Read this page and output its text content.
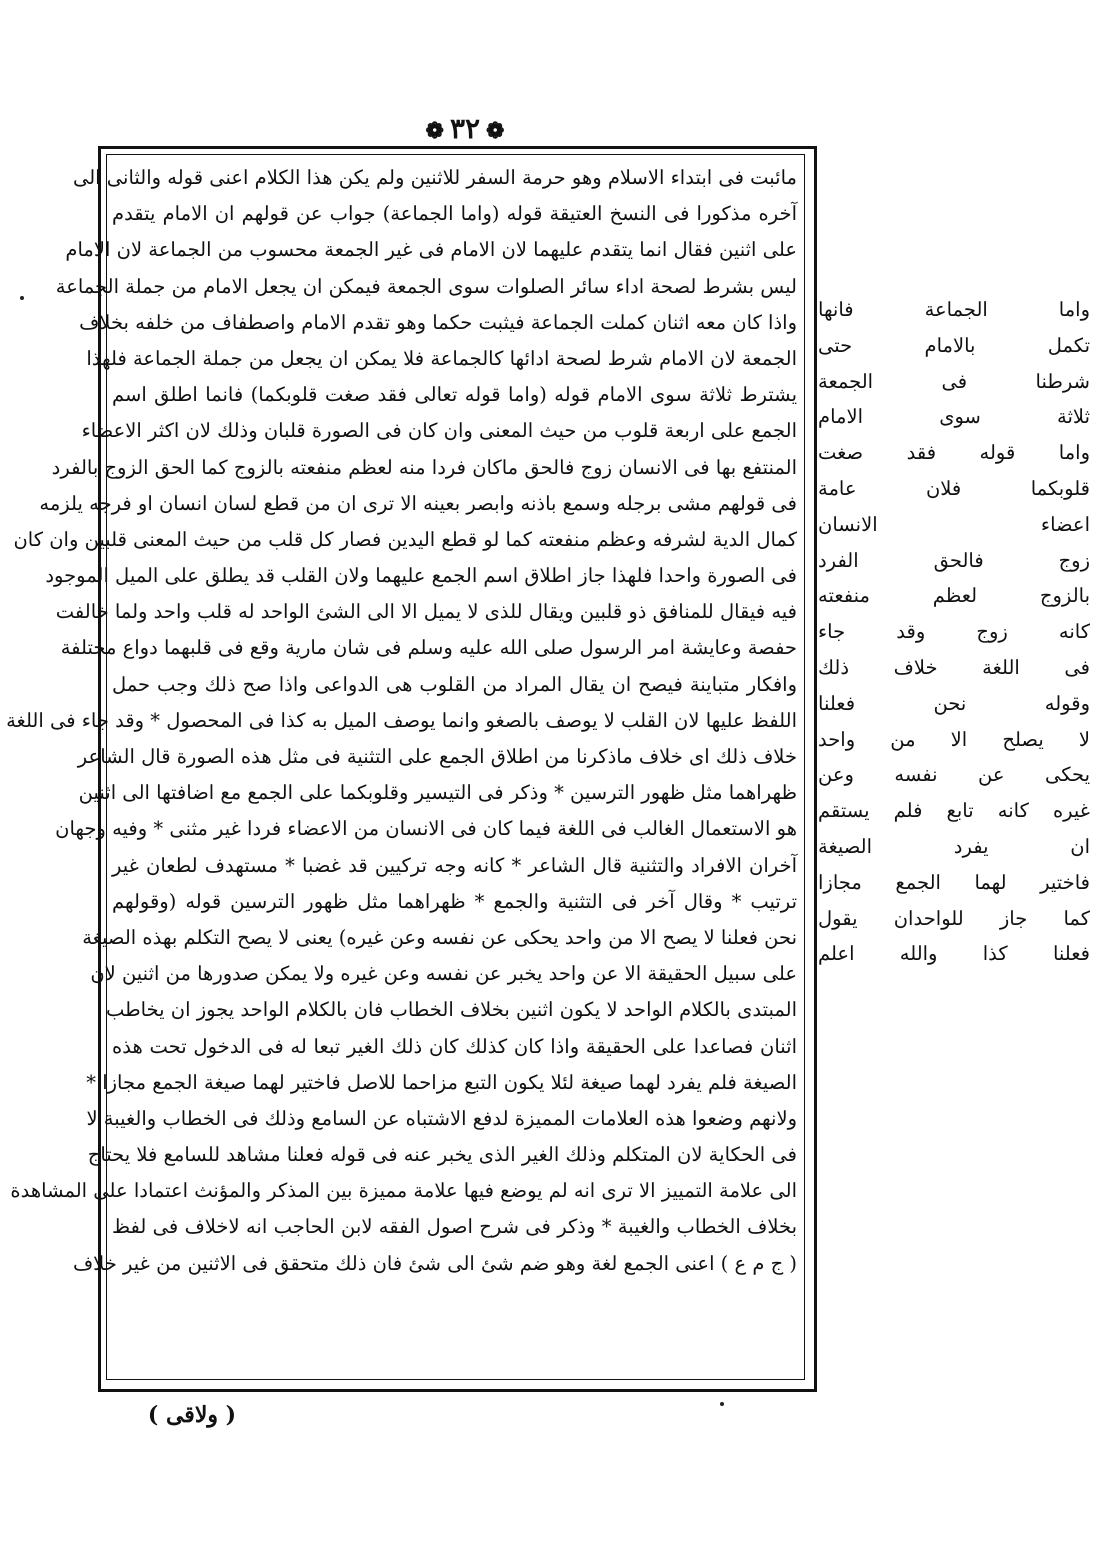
❁ ٣٢ ❁
مائبت فى ابتداء الاسلام وهو حرمة السفر للاثنين ولم يكن هذا الكلام اعنى قوله والثانى الى
آخره مذكورا فى النسخ العتيقة قوله (واما الجماعة) جواب عن قولهم ان الامام يتقدم
على اثنين فقال انما يتقدم عليهما لان الامام فى غير الجمعة محسوب من الجماعة لان الامام
ليس بشرط لصحة اداء سائر الصلوات سوى الجمعة فيمكن ان يجعل الامام من جملة الجماعة
واذا كان معه اثنان كملت الجماعة فيثبت حكما وهو تقدم الامام واصطفاف من خلفه بخلاف
الجمعة لان الامام شرط لصحة ادائها كالجماعة فلا يمكن ان يجعل من جملة الجماعة فلهذا
يشترط ثلاثة سوى الامام قوله (واما قوله تعالى فقد صغت قلوبكما) فانما اطلق اسم
الجمع على اربعة قلوب من حيث المعنى وان كان فى الصورة قلبان وذلك لان اكثر الاعضاء
المنتفع بها فى الانسان زوج فالحق ماكان فردا منه لعظم منفعته بالزوج كما الحق الزوج بالفرد
فى قولهم مشى برجله وسمع باذنه وابصر بعينه الا ترى ان من قطع لسان انسان او فرجه يلزمه
كمال الدية لشرفه وعظم منفعته كما لو قطع اليدين فصار كل قلب من حيث المعنى قلبين وان كان
فى الصورة واحدا فلهذا جاز اطلاق اسم الجمع عليهما ولان القلب قد يطلق على الميل الموجود
فيه فيقال للمنافق ذو قلبين ويقال للذى لا يميل الا الى الشئ الواحد له قلب واحد ولما خالفت
حفصة وعايشة امر الرسول صلى الله عليه وسلم فى شان مارية وقع فى قلبهما دواع مختلفة
وافكار متباينة فيصح ان يقال المراد من القلوب هى الدواعى واذا صح ذلك وجب حمل
اللفظ عليها لان القلب لا يوصف بالصغو وانما يوصف الميل به كذا فى المحصول * وقد جاء فى اللغة
خلاف ذلك اى خلاف ماذكرنا من اطلاق الجمع على التثنية فى مثل هذه الصورة قال الشاعر
ظهراهما مثل ظهور الترسين * وذكر فى التيسير وقلوبكما على الجمع مع اضافتها الى اثنين
هو الاستعمال الغالب فى اللغة فيما كان فى الانسان من الاعضاء فردا غير مثنى * وفيه وجهان
آخران الافراد والتثنية قال الشاعر * كانه وجه تركيين قد غضبا * مستهدف لطعان غير
ترتيب * وقال آخر فى التثنية والجمع * ظهراهما مثل ظهور الترسين قوله (وقولهم
نحن فعلنا لا يصح الا من واحد يحكى عن نفسه وعن غيره) يعنى لا يصح التكلم بهذه الصيغة
على سبيل الحقيقة الا عن واحد يخبر عن نفسه وعن غيره ولا يمكن صدورها من اثنين لان
المبتدى بالكلام الواحد لا يكون اثنين بخلاف الخطاب فان بالكلام الواحد يجوز ان يخاطب
اثنان فصاعدا على الحقيقة واذا كان كذلك كان ذلك الغير تبعا له فى الدخول تحت هذه
الصيغة فلم يفرد لهما صيغة لئلا يكون التبع مزاحما للاصل فاختير لهما صيغة الجمع مجازا *
ولانهم وضعوا هذه العلامات المميزة لدفع الاشتباه عن السامع وذلك فى الخطاب والغيبة لا
فى الحكاية لان المتكلم وذلك الغير الذى يخبر عنه فى قوله فعلنا مشاهد للسامع فلا يحتاج
الى علامة التمييز الا ترى انه لم يوضع فيها علامة مميزة بين المذكر والمؤنث اعتمادا على المشاهدة
بخلاف الخطاب والغيبة * وذكر فى شرح اصول الفقه لابن الحاجب انه لاخلاف فى لفظ
( ج م ع ) اعنى الجمع لغة وهو ضم شئ الى شئ فان ذلك متحقق فى الاثنين من غير خلاف
واما الجماعة فانها
تكمل بالامام حتى
شرطنا فى الجمعة
ثلاثة سوى الامام
واما قوله فقد صغت
قلوبكما فلان عامة
اعضاء الانسان
زوج فالحق الفرد
بالزوج لعظم منفعته
كانه زوج وقد جاء
فى اللغة خلاف ذلك
وقوله نحن فعلنا
لا يصلح الا من واحد
يحكى عن نفسه وعن
غيره كانه تابع فلم يستقم
ان يفرد الصيغة
فاختير لهما الجمع مجازا
كما جاز للواحدان يقول
فعلنا كذا والله اعلم
( ولاقى )
